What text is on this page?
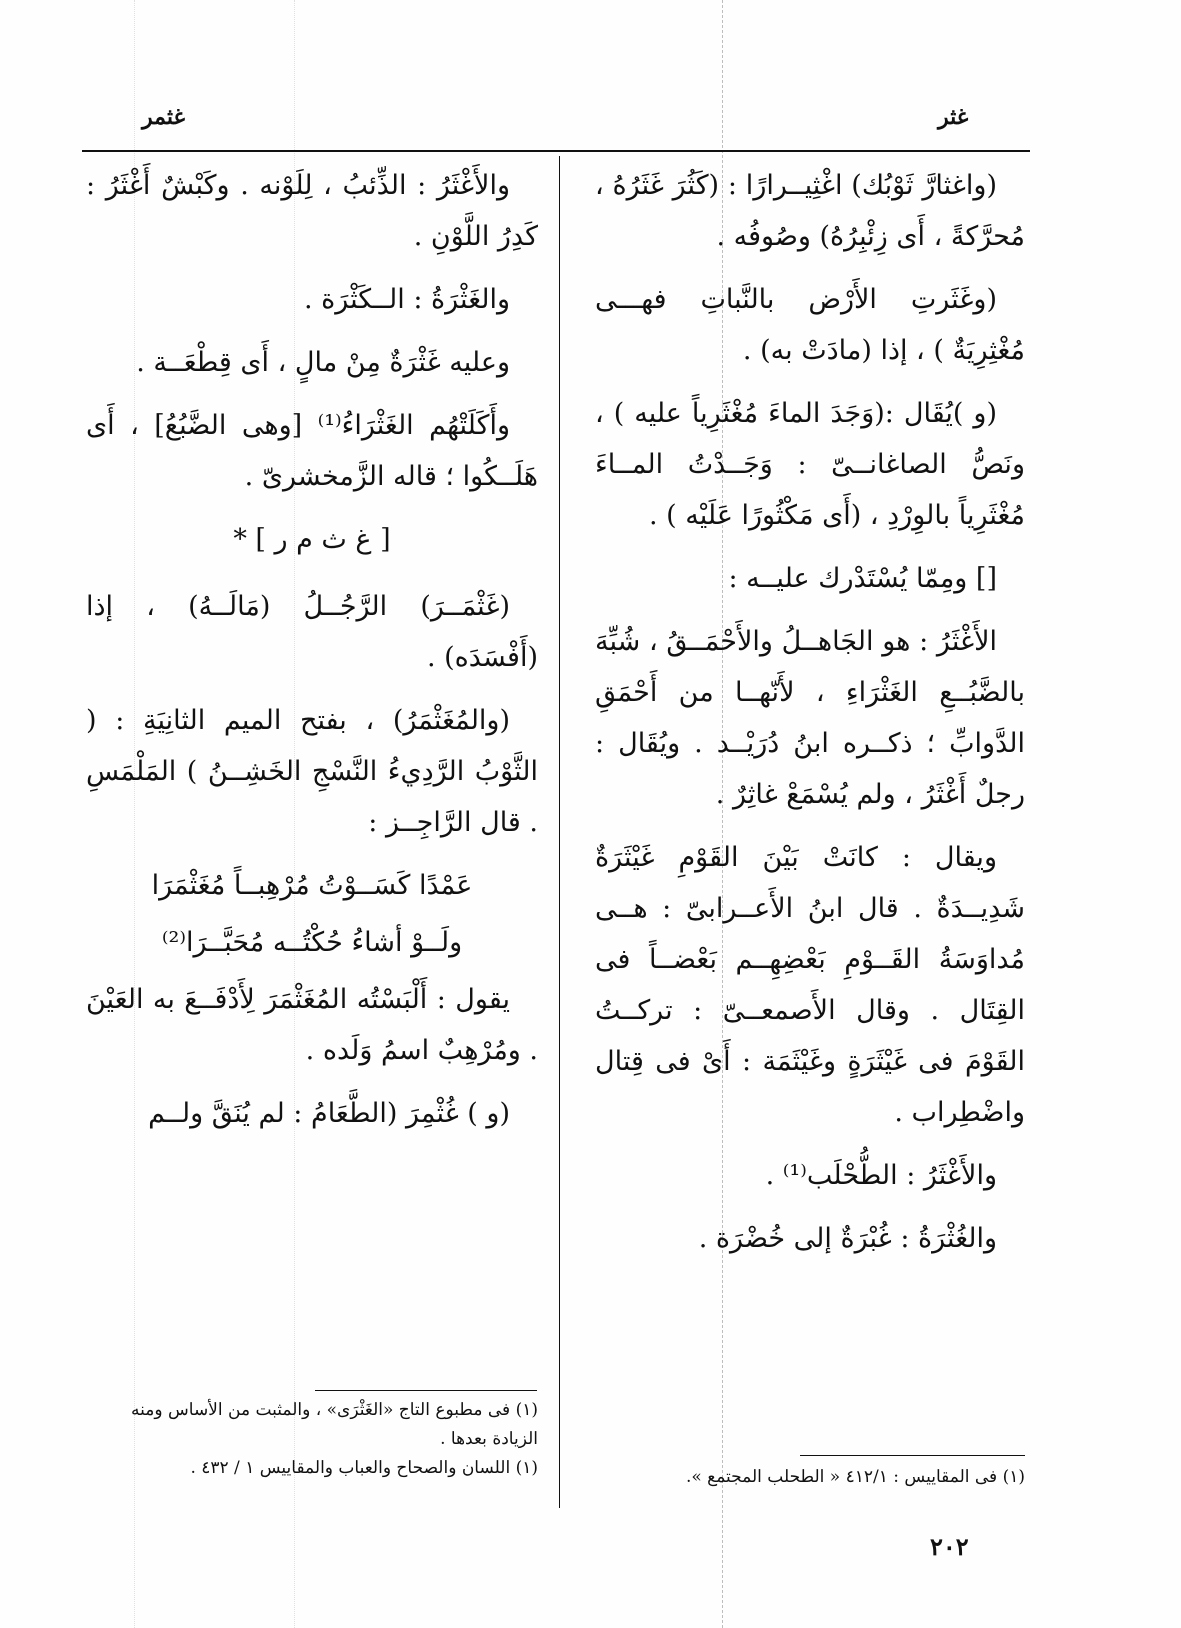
غثر
غثمر

(واغثارَّ ثَوْبُك) اغْثِيــرارًا : (كَثُرَ غَثَرُهُ ، مُحرَّكةً ، أَى زِئْبِرُهُ) وصُوفُه .

(وغَثَرتِ الأَرْض بالنَّباتِ فهـــى مُغْثِرِيَةٌ ) ، إذا (مادَتْ به) .

(و )يُقَال :(وَجَدَ الماءَ مُغْثَرِياً عليه ) ، ونَصُّ الصاغانــىّ : وَجَــدْتُ المــاءَ مُغْثَرِياً بالوِرْدِ ، (أَى مَكْثُورًا عَلَيْه ) .

[] ومِمّا يُسْتَدْرك عليــه :

الأَغْثَرُ : هو الجَاهــلُ والأَحْمَــقُ ، شُبِّهَ بالضَّبُــعِ الغَثْرَاءِ ، لأَنّهــا من أَحْمَقِ الدَّوابِّ ؛ ذكــره ابنُ دُرَيْــد . ويُقَال : رجلٌ أَغْثَرُ ، ولم يُسْمَعْ غاثِرٌ .

ويقال : كانَتْ بَيْنَ القَوْمِ غَيْثَرَةٌ شَدِيــدَةٌ . قال ابنُ الأَعــرابىّ : هــى مُداوَسَةُ القَــوْمِ بَعْضِهِــم بَعْضــاً فى القِتَال . وقال الأَصمعــىّ : تركــتُ القَوْمَ فى غَيْثَرَةٍ وغَيْثَمَة : أَىْ فى قِتال واضْطِراب .

والأَغْثَرُ : الطُّحْلَب⁽¹⁾ .

والغُثْرَةُ : غُبْرَةٌ إلى خُضْرَة .

والأَغْثَرُ : الذِّئبُ ، لِلَوْنه . وكَبْشٌ أَغْثَرُ : كَدِرُ اللَّوْنِ .

والغَثْرَةُ : الــكَثْرَة .

وعليه غَثْرَةٌ مِنْ مالٍ ، أَى قِطْعَــة .

وأَكَلَتْهُم الغَثْرَاءُ⁽¹⁾ [وهى الضَّبُعُ] ، أَى هَلَــكُوا ؛ قاله الزَّمخشرىّ .

[ غ ث م ر ] *

(غَثْمَــرَ) الرَّجُــلُ (مَالَــهُ) ، إذا (أَفْسَدَه) .

(والمُغَثْمَرُ) ، بفتح الميم الثانِيَةِ : ( الثَّوْبُ الرَّدِيءُ النَّسْجِ الخَشِــنُ ) المَلْمَسِ . قال الرَّاجِــز :

عَمْدًا كَسَــوْتُ مُرْهِبــاً مُغَثْمَرَا

ولَــوْ أشاءُ حُكْتُــه مُحَبَّــرَا⁽²⁾

يقول : أَلْبَسْتُه المُغَثْمَرَ لِأَدْفَــعَ به العَيْنَ . ومُرْهِبٌ اسمُ وَلَده .

(و ) غُثْمِرَ (الطَّعَامُ : لم يُنَقَّ ولــم

(١) فى مطبوع التاج «الغَثْرَى» ، والمثبت من الأساس ومنه الزيادة بعدها .
(١) اللسان والصحاح والعباب والمقاييس ١ / ٤٣٢ .	(١) فى المقاييس : ٤١٢/١ « الطحلب المجتمع ».
٢٠٢
